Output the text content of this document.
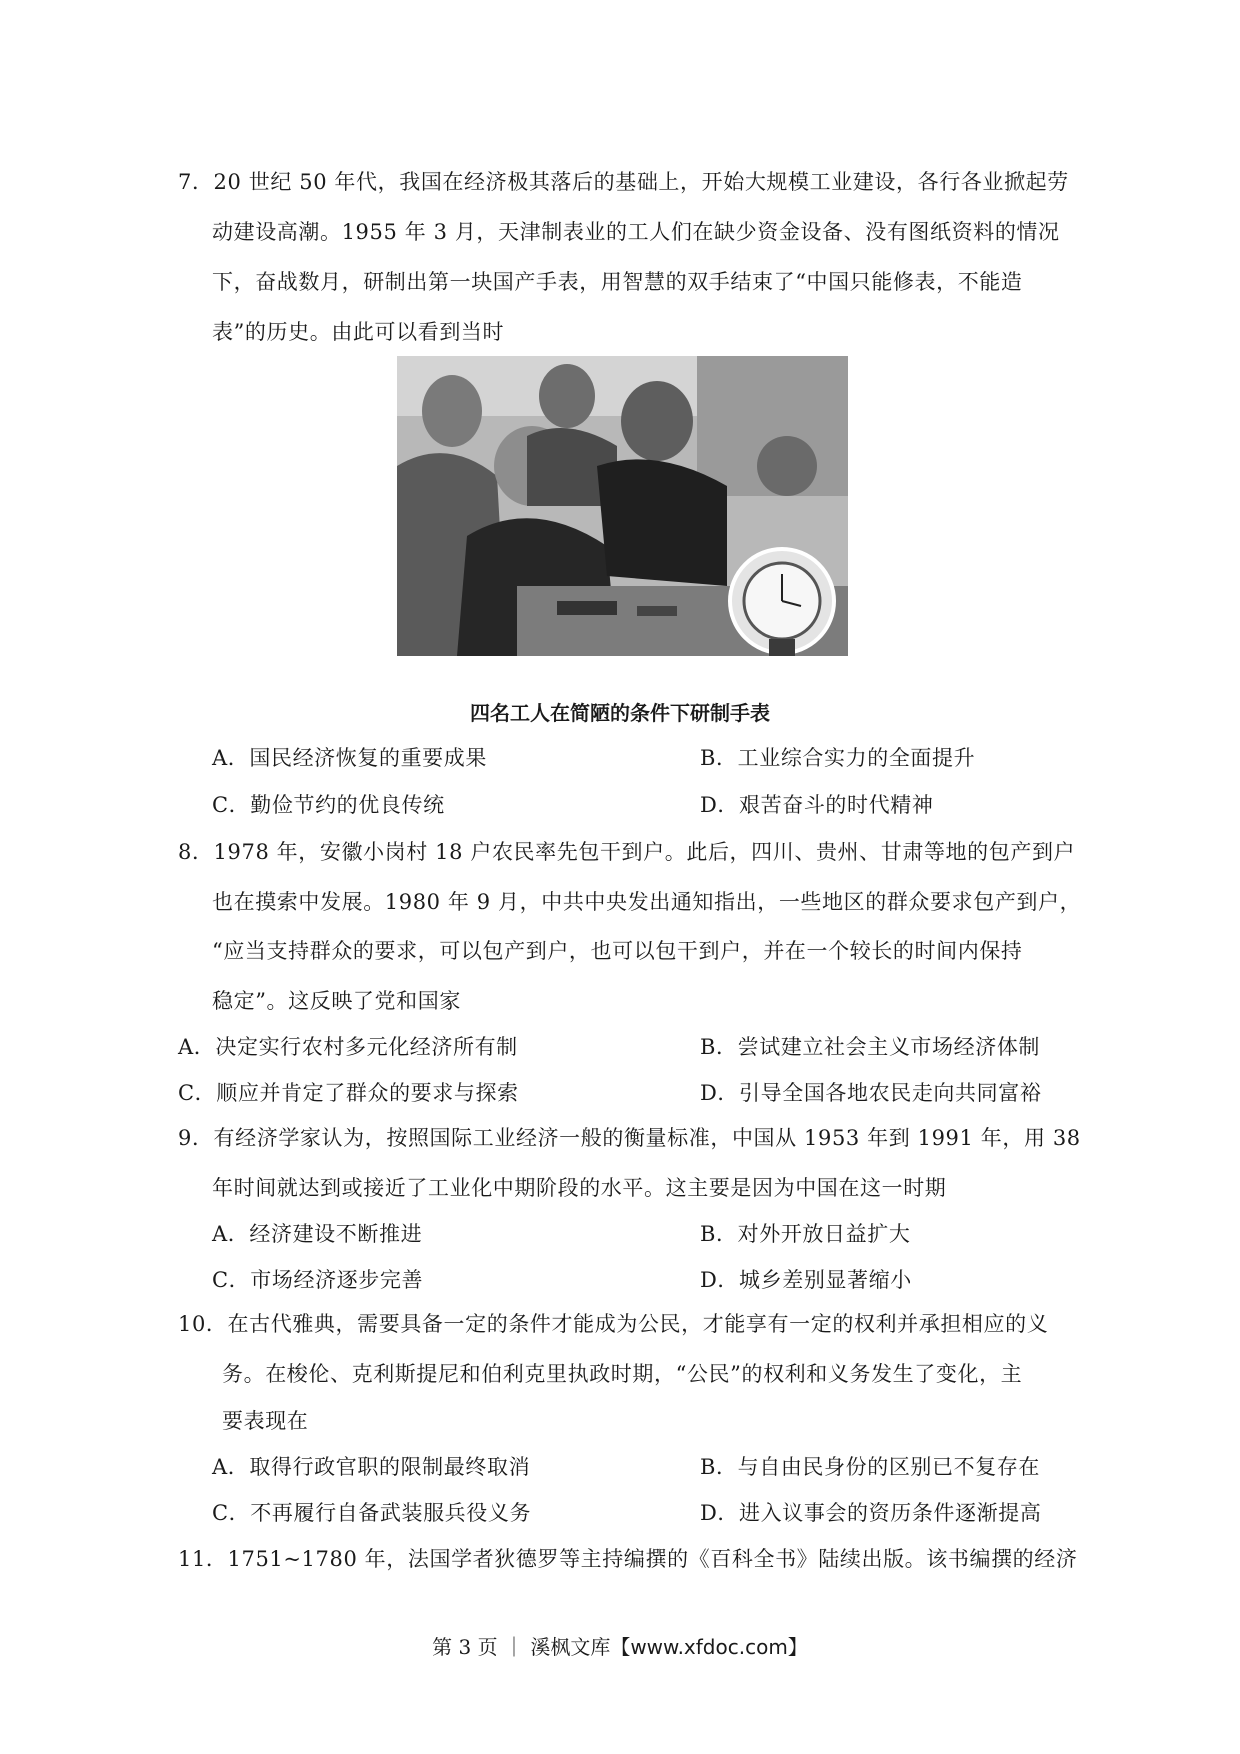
7．20 世纪 50 年代，我国在经济极其落后的基础上，开始大规模工业建设，各行各业掀起劳
动建设高潮。1955 年 3 月，天津制表业的工人们在缺少资金设备、没有图纸资料的情况
下，奋战数月，研制出第一块国产手表，用智慧的双手结束了“中国只能修表，不能造
表”的历史。由此可以看到当时
四名工人在简陋的条件下研制手表
A．国民经济恢复的重要成果	B．工业综合实力的全面提升
C．勤俭节约的优良传统	D．艰苦奋斗的时代精神
8．1978 年，安徽小岗村 18 户农民率先包干到户。此后，四川、贵州、甘肃等地的包产到户
也在摸索中发展。1980 年 9 月，中共中央发出通知指出，一些地区的群众要求包产到户，
“应当支持群众的要求，可以包产到户，也可以包干到户，并在一个较长的时间内保持
稳定”。这反映了党和国家
A．决定实行农村多元化经济所有制	B．尝试建立社会主义市场经济体制
C．顺应并肯定了群众的要求与探索	D．引导全国各地农民走向共同富裕
9．有经济学家认为，按照国际工业经济一般的衡量标准，中国从 1953 年到 1991 年，用 38
年时间就达到或接近了工业化中期阶段的水平。这主要是因为中国在这一时期
A．经济建设不断推进	B．对外开放日益扩大
C．市场经济逐步完善	D．城乡差别显著缩小
10．在古代雅典，需要具备一定的条件才能成为公民，才能享有一定的权利并承担相应的义
务。在梭伦、克利斯提尼和伯利克里执政时期，“公民”的权利和义务发生了变化，主
要表现在
A．取得行政官职的限制最终取消	B．与自由民身份的区别已不复存在
C．不再履行自备武装服兵役义务	D．进入议事会的资历条件逐渐提高
11．1751~1780 年，法国学者狄德罗等主持编撰的《百科全书》陆续出版。该书编撰的经济
第 3 页 ｜ 溪枫文库【www.xfdoc.com】
